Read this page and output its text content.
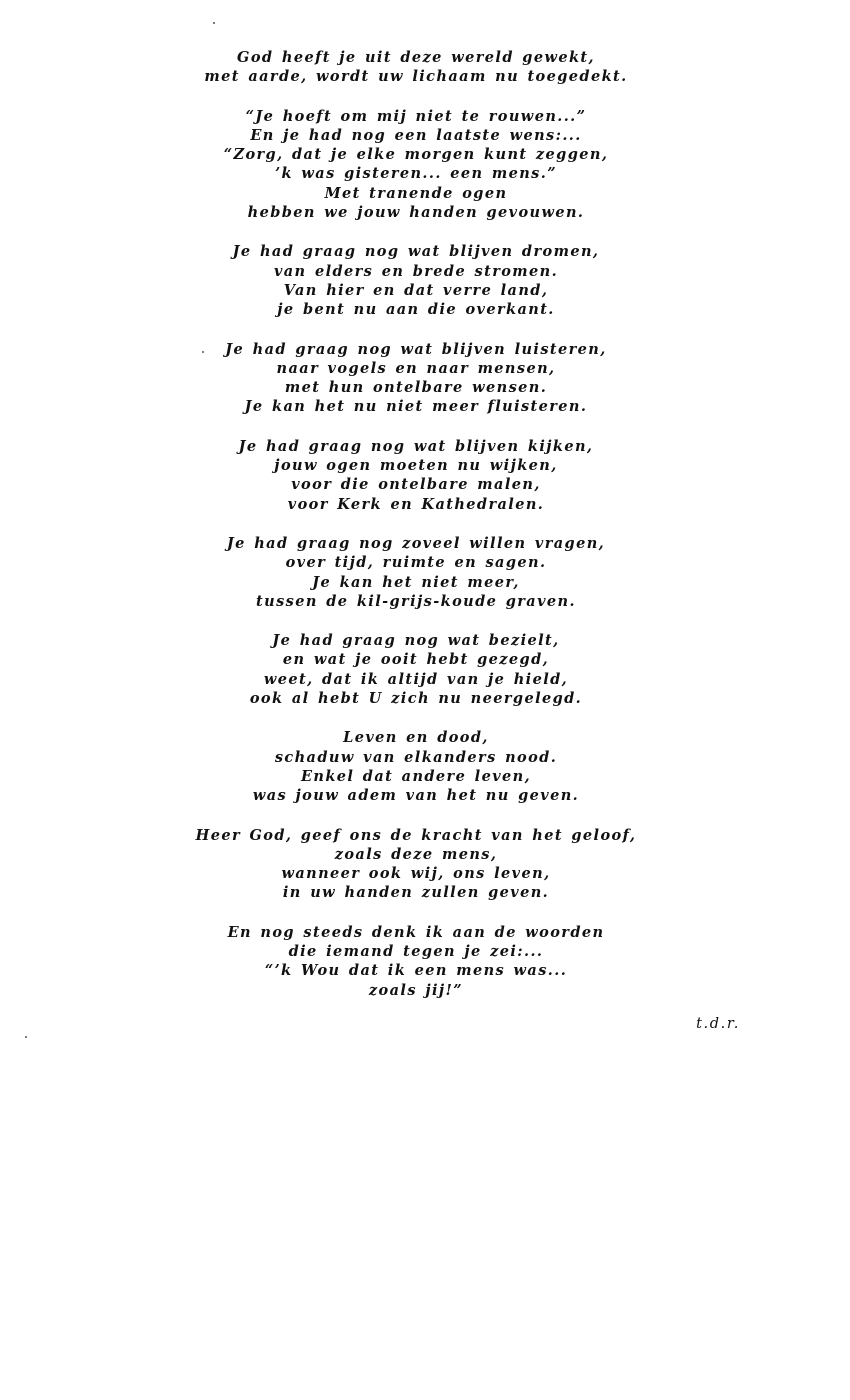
God heeft je uit deze wereld gewekt,
met aarde, wordt uw lichaam nu toegedekt.
“Je hoeft om mij niet te rouwen...”
En je had nog een laatste wens:...
“Zorg, dat je elke morgen kunt zeggen,
’k was gisteren... een mens.”
Met tranende ogen
hebben we jouw handen gevouwen.
Je had graag nog wat blijven dromen,
van elders en brede stromen.
Van hier en dat verre land,
je bent nu aan die overkant.
Je had graag nog wat blijven luisteren,
naar vogels en naar mensen,
met hun ontelbare wensen.
Je kan het nu niet meer fluisteren.
Je had graag nog wat blijven kijken,
jouw ogen moeten nu wijken,
voor die ontelbare malen,
voor Kerk en Kathedralen.
Je had graag nog zoveel willen vragen,
over tijd, ruimte en sagen.
Je kan het niet meer,
tussen de kil-grijs-koude graven.
Je had graag nog wat bezielt,
en wat je ooit hebt gezegd,
weet, dat ik altijd van je hield,
ook al hebt U zich nu neergelegd.
Leven en dood,
schaduw van elkanders nood.
Enkel dat andere leven,
was jouw adem van het nu geven.
Heer God, geef ons de kracht van het geloof,
zoals deze mens,
wanneer ook wij, ons leven,
in uw handen zullen geven.
En nog steeds denk ik aan de woorden
die iemand tegen je zei:...
“’k Wou dat ik een mens was...
zoals jij!”
t.d.r.
